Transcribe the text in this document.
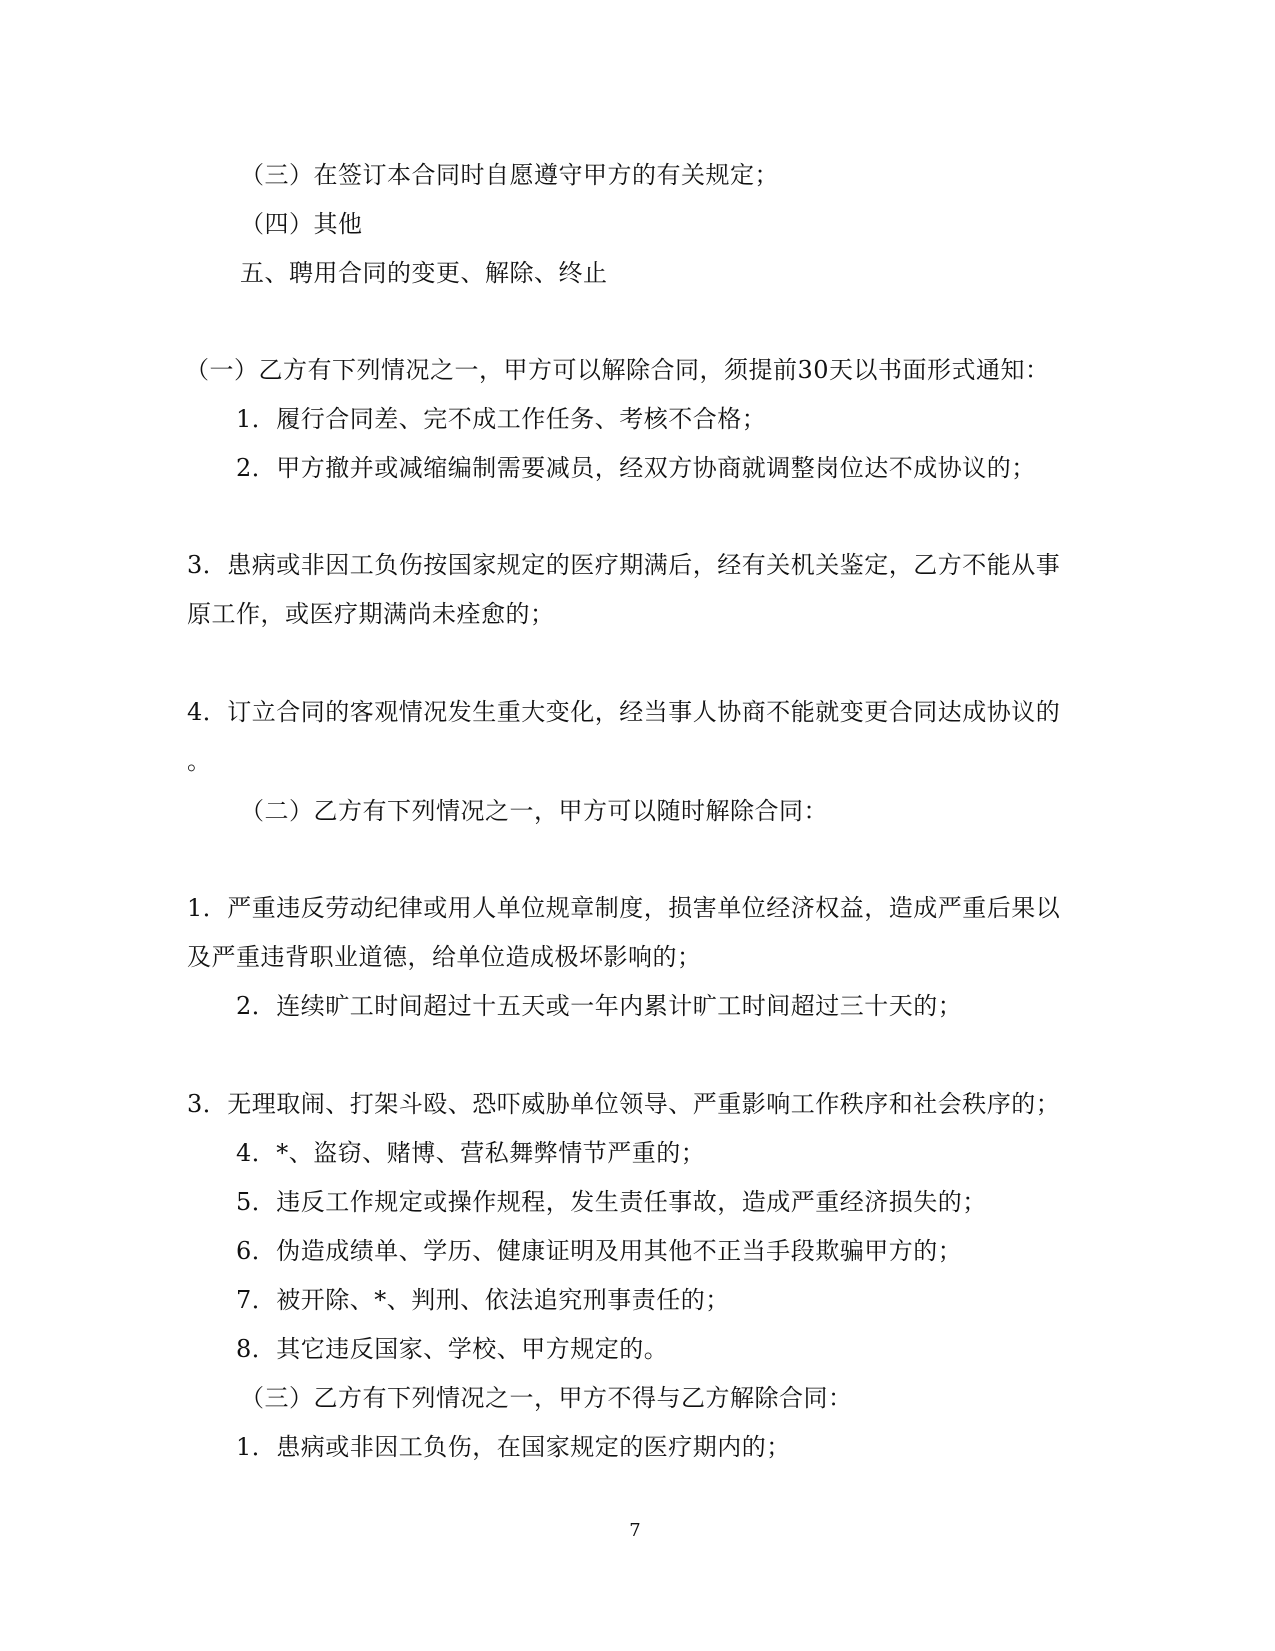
（三）在签订本合同时自愿遵守甲方的有关规定；
（四）其他
五、聘用合同的变更、解除、终止
（一）乙方有下列情况之一，甲方可以解除合同，须提前30天以书面形式通知：
1．履行合同差、完不成工作任务、考核不合格；
2．甲方撤并或减缩编制需要减员，经双方协商就调整岗位达不成协议的；
3．患病或非因工负伤按国家规定的医疗期满后，经有关机关鉴定，乙方不能从事
原工作，或医疗期满尚未痊愈的；
4．订立合同的客观情况发生重大变化，经当事人协商不能就变更合同达成协议的
。
（二）乙方有下列情况之一，甲方可以随时解除合同：
1．严重违反劳动纪律或用人单位规章制度，损害单位经济权益，造成严重后果以
及严重违背职业道德，给单位造成极坏影响的；
2．连续旷工时间超过十五天或一年内累计旷工时间超过三十天的；
3．无理取闹、打架斗殴、恐吓威胁单位领导、严重影响工作秩序和社会秩序的；
4．*、盗窃、赌博、营私舞弊情节严重的；
5．违反工作规定或操作规程，发生责任事故，造成严重经济损失的；
6．伪造成绩单、学历、健康证明及用其他不正当手段欺骗甲方的；
7．被开除、*、判刑、依法追究刑事责任的；
8．其它违反国家、学校、甲方规定的。
（三）乙方有下列情况之一，甲方不得与乙方解除合同：
1．患病或非因工负伤，在国家规定的医疗期内的；
7
